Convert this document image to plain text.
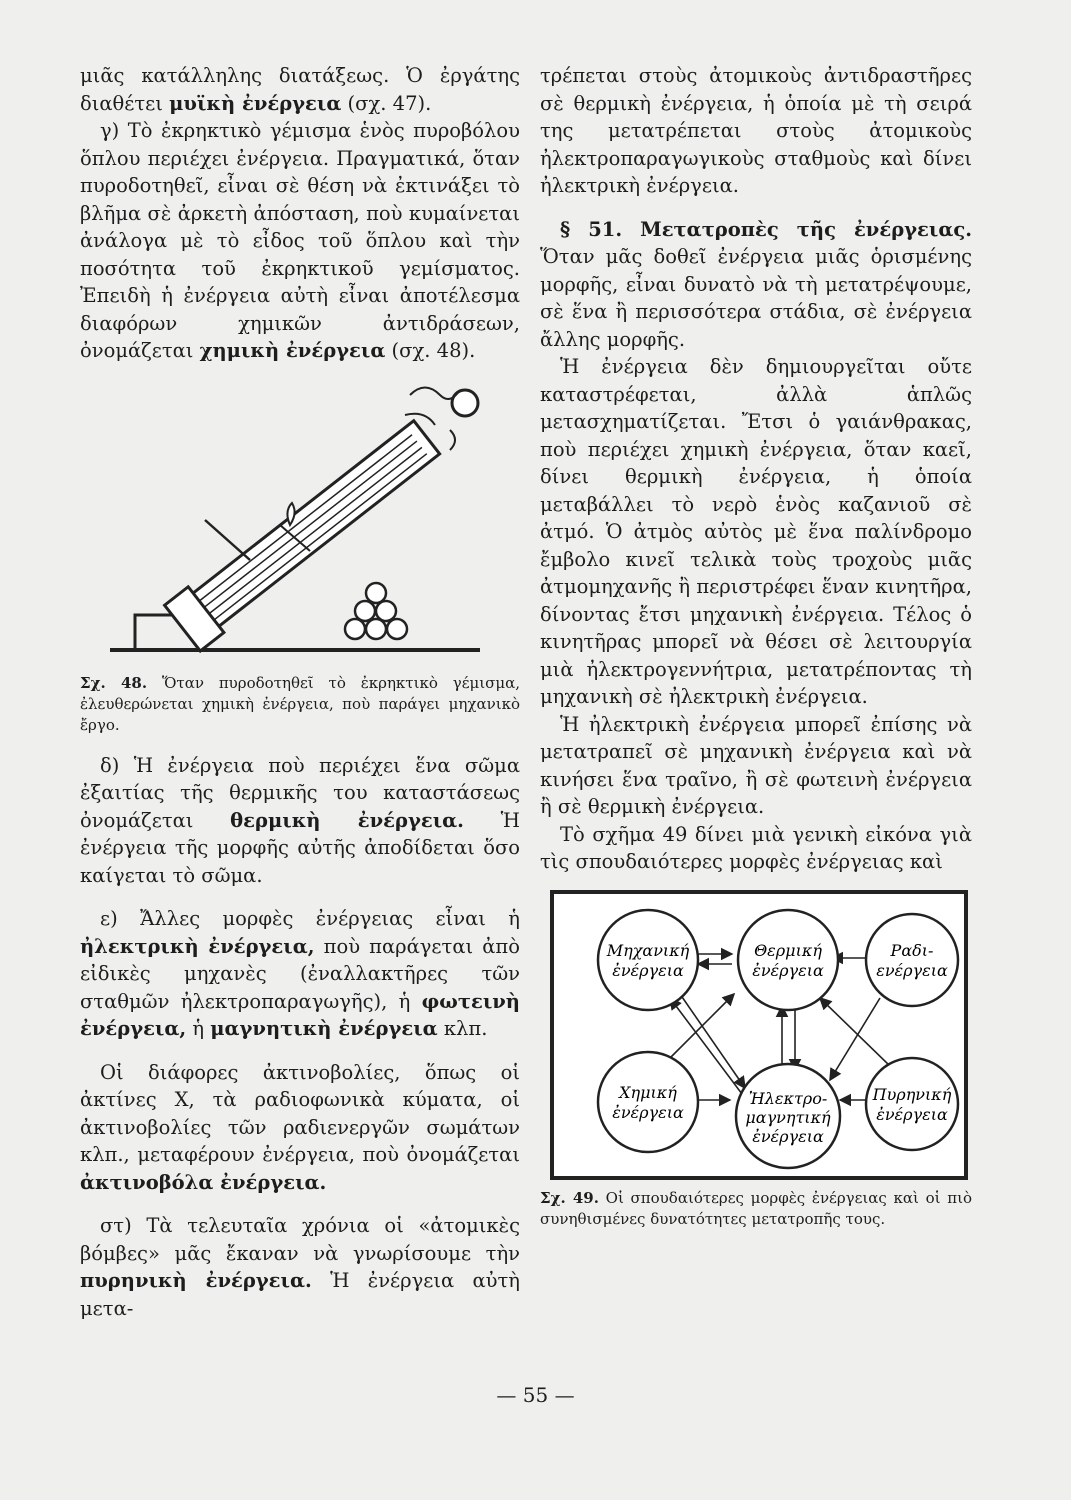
μιᾶς κατάλληλης διατάξεως. Ὁ ἐργάτης διαθέτει μυϊκὴ ἐνέργεια (σχ. 47).

γ) Τὸ ἐκρηκτικὸ γέμισμα ἑνὸς πυροβόλου ὅπλου περιέχει ἐνέργεια. Πραγματικά, ὅταν πυροδοτηθεῖ, εἶναι σὲ θέση νὰ ἐκτινάξει τὸ βλῆμα σὲ ἀρκετὴ ἀπόσταση, ποὺ κυμαίνεται ἀνάλογα μὲ τὸ εἶδος τοῦ ὅπλου καὶ τὴν ποσότητα τοῦ ἐκρηκτικοῦ γεμίσματος. Ἐπειδὴ ἡ ἐνέργεια αὐτὴ εἶναι ἀποτέλεσμα διαφόρων χημικῶν ἀντιδράσεων, ὀνομάζεται χημικὴ ἐνέργεια (σχ. 48).

Σχ. 48. Ὅταν πυροδοτηθεῖ τὸ ἐκρηκτικὸ γέμισμα, ἐλευθερώνεται χημικὴ ἐνέργεια, ποὺ παράγει μηχανικὸ ἔργο.

δ) Ἡ ἐνέργεια ποὺ περιέχει ἕνα σῶμα ἐξαιτίας τῆς θερμικῆς του καταστάσεως ὀνομάζεται θερμικὴ ἐνέργεια. Ἡ ἐνέργεια τῆς μορφῆς αὐτῆς ἀποδίδεται ὅσο καίγεται τὸ σῶμα.

ε) Ἄλλες μορφὲς ἐνέργειας εἶναι ἡ ἠλεκτρικὴ ἐνέργεια, ποὺ παράγεται ἀπὸ εἰδικὲς μηχανὲς (ἐναλλακτῆρες τῶν σταθμῶν ἠλεκτροπαραγωγῆς), ἡ φωτεινὴ ἐνέργεια, ἡ μαγνητικὴ ἐνέργεια κλπ.

Οἱ διάφορες ἀκτινοβολίες, ὅπως οἱ ἀκτίνες Χ, τὰ ραδιοφωνικὰ κύματα, οἱ ἀκτινοβολίες τῶν ραδιενεργῶν σωμάτων κλπ., μεταφέρουν ἐνέργεια, ποὺ ὀνομάζεται ἀκτινοβόλα ἐνέργεια.

στ) Τὰ τελευταῖα χρόνια οἱ «ἀτομικὲς βόμβες» μᾶς ἔκαναν νὰ γνωρίσουμε τὴν πυρηνικὴ ἐνέργεια. Ἡ ἐνέργεια αὐτὴ μετα-

τρέπεται στοὺς ἀτομικοὺς ἀντιδραστῆρες σὲ θερμικὴ ἐνέργεια, ἡ ὁποία μὲ τὴ σειρά της μετατρέπεται στοὺς ἀτομικοὺς ἠλεκτροπαραγωγικοὺς σταθμοὺς καὶ δίνει ἠλεκτρικὴ ἐνέργεια.

§ 51. Μετατροπὲς τῆς ἐνέργειας. Ὅταν μᾶς δοθεῖ ἐνέργεια μιᾶς ὁρισμένης μορφῆς, εἶναι δυνατὸ νὰ τὴ μετατρέψουμε, σὲ ἕνα ἢ περισσότερα στάδια, σὲ ἐνέργεια ἄλλης μορφῆς.

Ἡ ἐνέργεια δὲν δημιουργεῖται οὔτε καταστρέφεται, ἀλλὰ ἁπλῶς μετασχηματίζεται. Ἔτσι ὁ γαιάνθρακας, ποὺ περιέχει χημικὴ ἐνέργεια, ὅταν καεῖ, δίνει θερμικὴ ἐνέργεια, ἡ ὁποία μεταβάλλει τὸ νερὸ ἑνὸς καζανιοῦ σὲ ἀτμό. Ὁ ἀτμὸς αὐτὸς μὲ ἕνα παλίνδρομο ἔμβολο κινεῖ τελικὰ τοὺς τροχοὺς μιᾶς ἀτμομηχανῆς ἢ περιστρέφει ἕναν κινητῆρα, δίνοντας ἔτσι μηχανικὴ ἐνέργεια. Τέλος ὁ κινητῆρας μπορεῖ νὰ θέσει σὲ λειτουργία μιὰ ἠλεκτρογεννήτρια, μετατρέποντας τὴ μηχανικὴ σὲ ἠλεκτρικὴ ἐνέργεια.

Ἡ ἠλεκτρικὴ ἐνέργεια μπορεῖ ἐπίσης νὰ μετατραπεῖ σὲ μηχανικὴ ἐνέργεια καὶ νὰ κινήσει ἕνα τραῖνο, ἢ σὲ φωτεινὴ ἐνέργεια ἢ σὲ θερμικὴ ἐνέργεια.

Τὸ σχῆμα 49 δίνει μιὰ γενικὴ εἰκόνα γιὰ τὶς σπουδαιότερες μορφὲς ἐνέργειας καὶ

Μηχανική
ἐνέργεια
Θερμική
ἐνέργεια
Ραδι-
ενέργεια
Χημική
ἐνέργεια
Ἠλεκτρο-
μαγνητική
ἐνέργεια
Πυρηνική
ἐνέργεια

Σχ. 49. Οἱ σπουδαιότερες μορφὲς ἐνέργειας καὶ οἱ πιὸ συνηθισμένες δυνατότητες μετατροπῆς τους.

— 55 —
